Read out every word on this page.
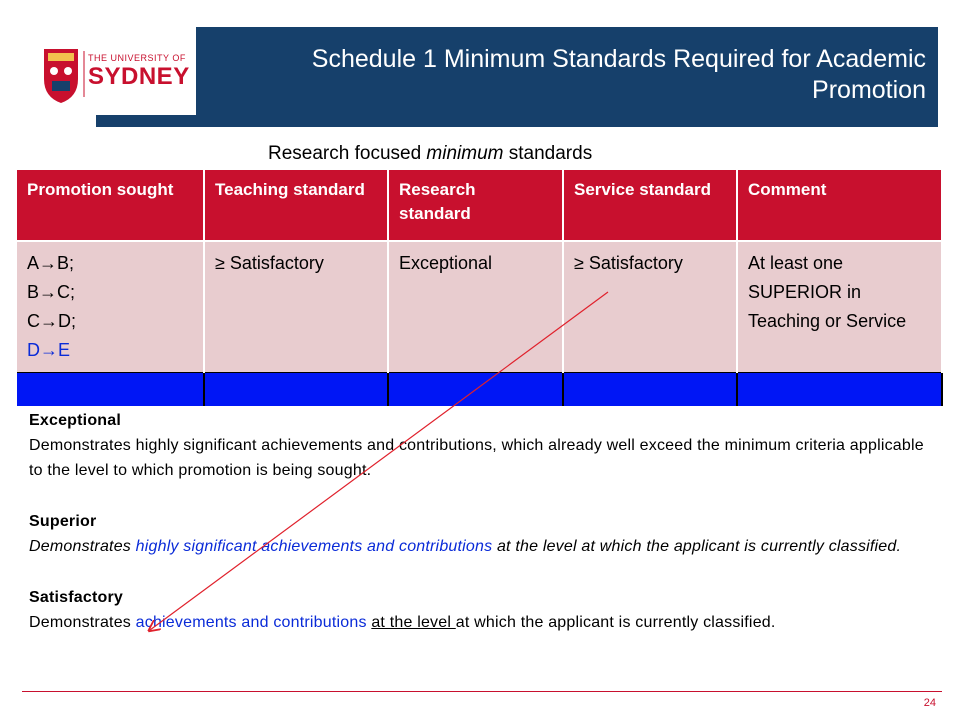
THE UNIVERSITY OF
SYDNEY
Schedule 1 Minimum Standards Required for Academic
Promotion
Research focused minimum standards
Promotion sought	Teaching standard	Research standard	Service standard	Comment

A→B;
B→C;
C→D;
D→E	≥ Satisfactory	Exceptional	≥ Satisfactory	At least one SUPERIOR in Teaching or Service

Exceptional
Demonstrates highly significant achievements and contributions, which already well exceed the minimum criteria applicable to the level to which promotion is being sought.
Superior
Demonstrates highly significant achievements and contributions at the level at which the applicant is currently classified.
Satisfactory
Demonstrates achievements and contributions at the level at which the applicant is currently classified.
24
